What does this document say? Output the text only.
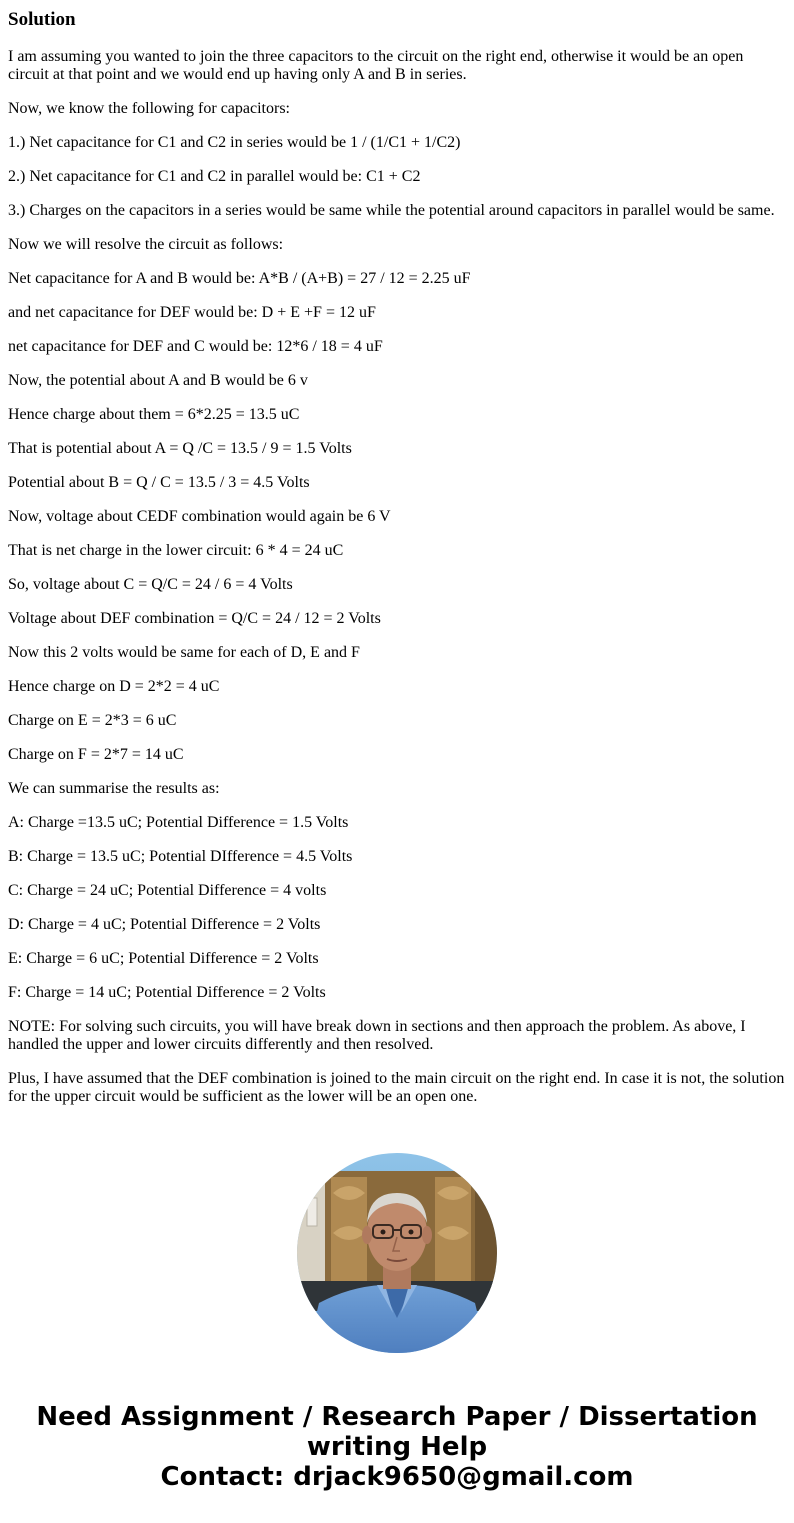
Solution

I am assuming you wanted to join the three capacitors to the circuit on the right end, otherwise it would be an open circuit at that point and we would end up having only A and B in series.

Now, we know the following for capacitors:

1.) Net capacitance for C1 and C2 in series would be 1 / (1/C1 + 1/C2)

2.) Net capacitance for C1 and C2 in parallel would be: C1 + C2

3.) Charges on the capacitors in a series would be same while the potential around capacitors in parallel would be same.

Now we will resolve the circuit as follows:

Net capacitance for A and B would be: A*B / (A+B) = 27 / 12 = 2.25 uF

and net capacitance for DEF would be: D + E +F = 12 uF

net capacitance for DEF and C would be: 12*6 / 18 = 4 uF

Now, the potential about A and B would be 6 v

Hence charge about them = 6*2.25 = 13.5 uC

That is potential about A = Q /C = 13.5 / 9 = 1.5 Volts

Potential about B = Q / C = 13.5 / 3 = 4.5 Volts

Now, voltage about CEDF combination would again be 6 V

That is net charge in the lower circuit: 6 * 4 = 24 uC

So, voltage about C = Q/C = 24 / 6 = 4 Volts

Voltage about DEF combination = Q/C = 24 / 12 = 2 Volts

Now this 2 volts would be same for each of D, E and F

Hence charge on D = 2*2 = 4 uC

Charge on E = 2*3 = 6 uC

Charge on F = 2*7 = 14 uC

We can summarise the results as:

A: Charge =13.5 uC; Potential Difference = 1.5 Volts

B: Charge = 13.5 uC; Potential DIfference = 4.5 Volts

C: Charge = 24 uC; Potential Difference = 4 volts

D: Charge = 4 uC; Potential Difference = 2 Volts

E: Charge = 6 uC; Potential Difference = 2 Volts

F: Charge = 14 uC; Potential Difference = 2 Volts

NOTE: For solving such circuits, you will have break down in sections and then approach the problem. As above, I handled the upper and lower circuits differently and then resolved.

Plus, I have assumed that the DEF combination is joined to the main circuit on the right end. In case it is not, the solution for the upper circuit would be sufficient as the lower will be an open one.

Need Assignment / Research Paper / Dissertation
writing Help
Contact: drjack9650@gmail.com
